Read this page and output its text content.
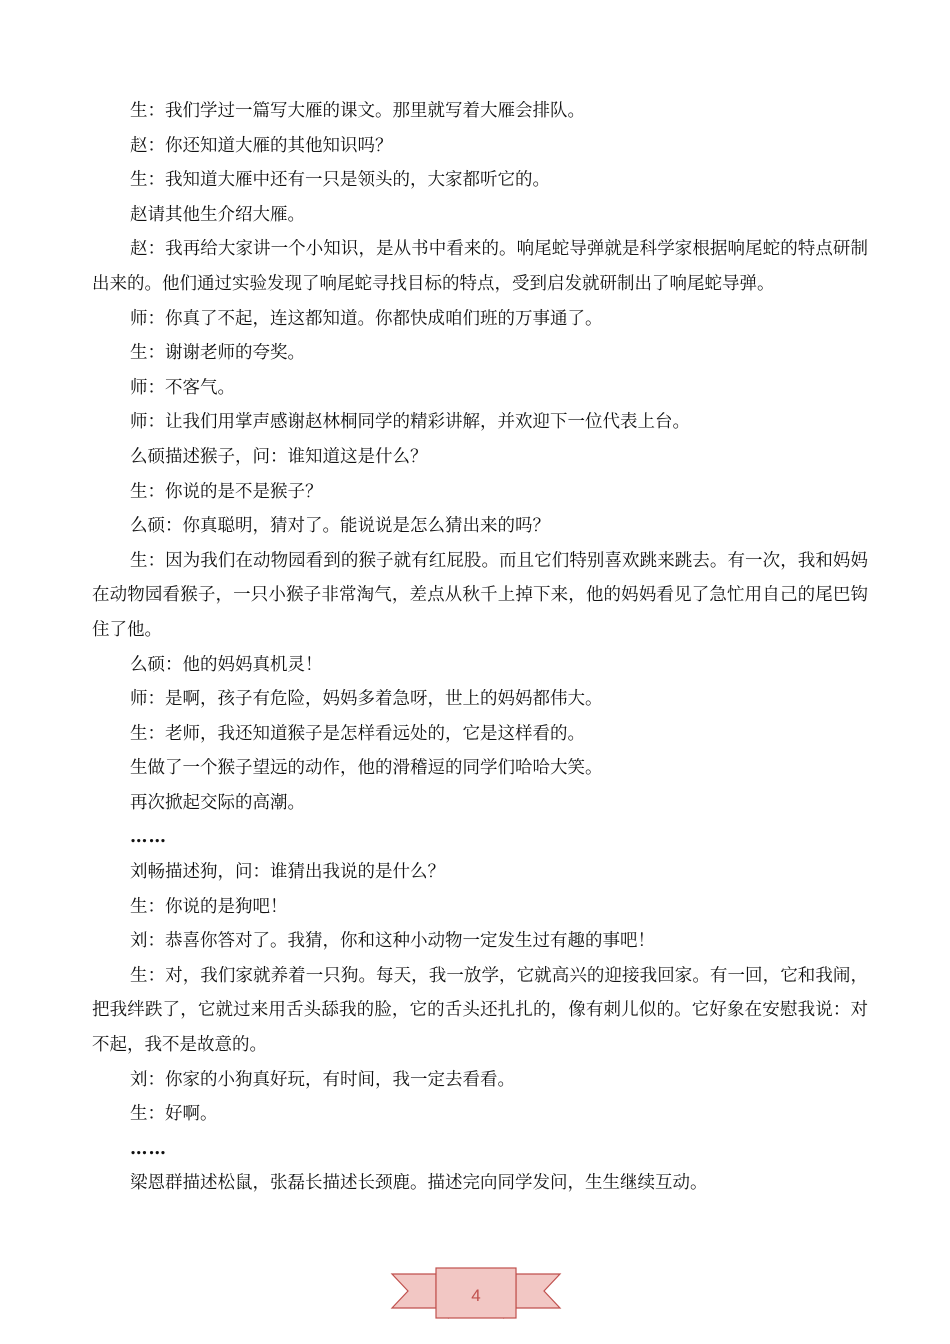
生：我们学过一篇写大雁的课文。那里就写着大雁会排队。

赵：你还知道大雁的其他知识吗？

生：我知道大雁中还有一只是领头的，大家都听它的。

赵请其他生介绍大雁。

赵：我再给大家讲一个小知识，是从书中看来的。响尾蛇导弹就是科学家根据响尾蛇的特点研制出来的。他们通过实验发现了响尾蛇寻找目标的特点，受到启发就研制出了响尾蛇导弹。

师：你真了不起，连这都知道。你都快成咱们班的万事通了。

生：谢谢老师的夸奖。

师：不客气。

师：让我们用掌声感谢赵林桐同学的精彩讲解，并欢迎下一位代表上台。

么硕描述猴子，问：谁知道这是什么？

生：你说的是不是猴子？

么硕：你真聪明，猜对了。能说说是怎么猜出来的吗？

生：因为我们在动物园看到的猴子就有红屁股。而且它们特别喜欢跳来跳去。有一次，我和妈妈在动物园看猴子，一只小猴子非常淘气，差点从秋千上掉下来，他的妈妈看见了急忙用自己的尾巴钩住了他。

么硕：他的妈妈真机灵！

师：是啊，孩子有危险，妈妈多着急呀，世上的妈妈都伟大。

生：老师，我还知道猴子是怎样看远处的，它是这样看的。

生做了一个猴子望远的动作，他的滑稽逗的同学们哈哈大笑。

再次掀起交际的高潮。

……

刘畅描述狗，问：谁猜出我说的是什么？

生：你说的是狗吧！

刘：恭喜你答对了。我猜，你和这种小动物一定发生过有趣的事吧！

生：对，我们家就养着一只狗。每天，我一放学，它就高兴的迎接我回家。有一回，它和我闹，把我绊跌了，它就过来用舌头舔我的脸，它的舌头还扎扎的，像有刺儿似的。它好象在安慰我说：对不起，我不是故意的。

刘：你家的小狗真好玩，有时间，我一定去看看。

生：好啊。

……

梁恩群描述松鼠，张磊长描述长颈鹿。描述完向同学发问，生生继续互动。

4
